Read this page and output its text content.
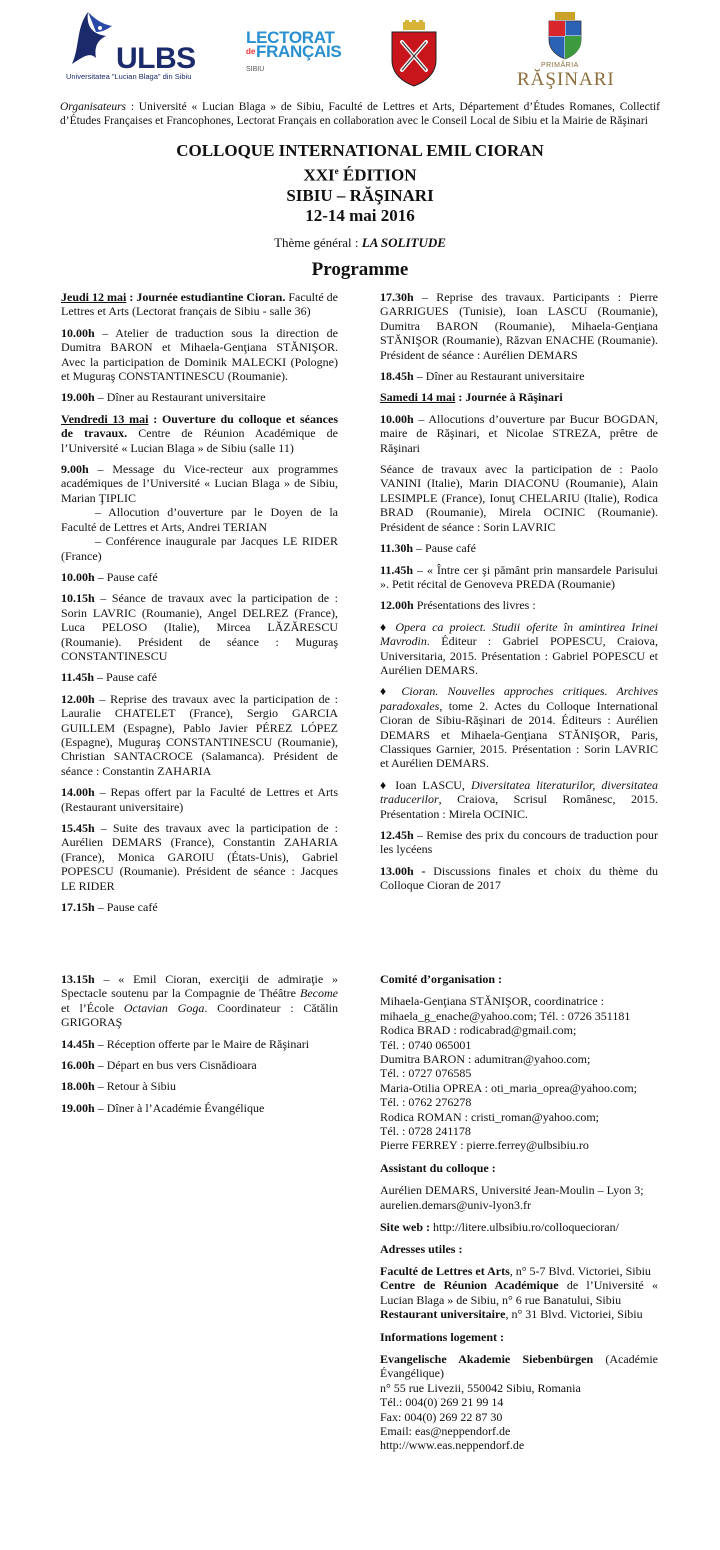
ULBS
Universitatea "Lucian Blaga" din Sibiu
LECTORAT
de FRANÇAIS
SIBIU
PRIMĂRIA
RĂŞINARI
Organisateurs : Université « Lucian Blaga » de Sibiu, Faculté de Lettres et Arts, Département d’Études Romanes, Collectif d’Études Françaises et Francophones, Lectorat Français en collaboration avec le Conseil Local de Sibiu et la Mairie de Răşinari
COLLOQUE INTERNATIONAL EMIL CIORAN
XXIe ÉDITION
SIBIU – RĂŞINARI
12-14 mai 2016
Thème général : LA SOLITUDE
Programme
Jeudi 12 mai : Journée estudiantine Cioran. Faculté de Lettres et Arts (Lectorat français de Sibiu - salle 36)
10.00h – Atelier de traduction sous la direction de Dumitra BARON et Mihaela-Genţiana STĂNIŞOR. Avec la participation de Dominik MALECKI (Pologne) et Muguraş CONSTANTINESCU (Roumanie).
19.00h – Dîner au Restaurant universitaire
Vendredi 13 mai : Ouverture du colloque et séances de travaux. Centre de Réunion Académique de l’Université « Lucian Blaga » de Sibiu (salle 11)
9.00h – Message du Vice-recteur aux programmes académiques de l’Université « Lucian Blaga » de Sibiu, Marian ŢIPLIC
– Allocution d’ouverture par le Doyen de la Faculté de Lettres et Arts, Andrei TERIAN
– Conférence inaugurale par Jacques LE RIDER (France)
10.00h – Pause café
10.15h – Séance de travaux avec la participation de : Sorin LAVRIC (Roumanie), Angel DELREZ (France), Luca PELOSO (Italie), Mircea LĂZĂRESCU (Roumanie). Président de séance : Muguraş CONSTANTINESCU
11.45h – Pause café
12.00h – Reprise des travaux avec la participation de : Lauralie CHATELET (France), Sergio GARCIA GUILLEM (Espagne), Pablo Javier PÉREZ LÓPEZ (Espagne), Muguraş CONSTANTINESCU (Roumanie), Christian SANTACROCE (Salamanca). Président de séance : Constantin ZAHARIA
14.00h – Repas offert par la Faculté de Lettres et Arts (Restaurant universitaire)
15.45h – Suite des travaux avec la participation de : Aurélien DEMARS (France), Constantin ZAHARIA (France), Monica GAROIU (États-Unis), Gabriel POPESCU (Roumanie). Président de séance : Jacques LE RIDER
17.15h – Pause café
17.30h – Reprise des travaux. Participants : Pierre GARRIGUES (Tunisie), Ioan LASCU (Roumanie), Dumitra BARON (Roumanie), Mihaela-Genţiana STĂNIŞOR (Roumanie), Răzvan ENACHE (Roumanie). Président de séance : Aurélien DEMARS
18.45h – Dîner au Restaurant universitaire
Samedi 14 mai : Journée à Răşinari
10.00h – Allocutions d’ouverture par Bucur BOGDAN, maire de Răşinari, et Nicolae STREZA, prêtre de Răşinari
Séance de travaux avec la participation de : Paolo VANINI (Italie), Marin DIACONU (Roumanie), Alain LESIMPLE (France), Ionuţ CHELARIU (Italie), Rodica BRAD (Roumanie), Mirela OCINIC (Roumanie). Président de séance : Sorin LAVRIC
11.30h – Pause café
11.45h – « Între cer şi pământ prin mansardele Parisului ». Petit récital de Genoveva PREDA (Roumanie)
12.00h Présentations des livres :
♦ Opera ca proiect. Studii oferite în amintirea Irinei Mavrodin. Éditeur : Gabriel POPESCU, Craiova, Universitaria, 2015. Présentation : Gabriel POPESCU et Aurélien DEMARS.
♦ Cioran. Nouvelles approches critiques. Archives paradoxales, tome 2. Actes du Colloque International Cioran de Sibiu-Răşinari de 2014. Éditeurs : Aurélien DEMARS et Mihaela-Genţiana STĂNIŞOR, Paris, Classiques Garnier, 2015. Présentation : Sorin LAVRIC et Aurélien DEMARS.
♦ Ioan LASCU, Diversitatea literaturilor, diversitatea traducerilor, Craiova, Scrisul Românesc, 2015. Présentation : Mirela OCINIC.
12.45h – Remise des prix du concours de traduction pour les lycéens
13.00h - Discussions finales et choix du thème du Colloque Cioran de 2017
13.15h – « Emil Cioran, exerciţii de admiraţie » Spectacle soutenu par la Compagnie de Théâtre Become et l’École Octavian Goga. Coordinateur : Cătălin GRIGORAŞ
14.45h – Réception offerte par le Maire de Răşinari
16.00h – Départ en bus vers Cisnădioara
18.00h – Retour à Sibiu
19.00h – Dîner à l’Académie Évangélique
Comité d’organisation :
Mihaela-Genţiana STĂNIŞOR, coordinatrice :
mihaela_g_enache@yahoo.com; Tél. : 0726 351181
Rodica BRAD : rodicabrad@gmail.com;
Tél. : 0740 065001
Dumitra BARON : adumitran@yahoo.com;
Tél. : 0727 076585
Maria-Otilia OPREA : oti_maria_oprea@yahoo.com;
Tél. : 0762 276278
Rodica ROMAN : cristi_roman@yahoo.com;
Tél. : 0728 241178
Pierre FERREY : pierre.ferrey@ulbsibiu.ro
Assistant du colloque :
Aurélien DEMARS, Université Jean-Moulin – Lyon 3;
aurelien.demars@univ-lyon3.fr
Site web : http://litere.ulbsibiu.ro/colloquecioran/
Adresses utiles :
Faculté de Lettres et Arts, n° 5-7 Blvd. Victoriei, Sibiu
Centre de Réunion Académique de l’Université « Lucian Blaga » de Sibiu, n° 6 rue Banatului, Sibiu
Restaurant universitaire, n° 31 Blvd. Victoriei, Sibiu
Informations logement :
Evangelische Akademie Siebenbürgen (Académie Évangélique)
n° 55 rue Livezii, 550042 Sibiu, Romania
Tél.: 004(0) 269 21 99 14
Fax: 004(0) 269 22 87 30
Email: eas@neppendorf.de
http://www.eas.neppendorf.de
